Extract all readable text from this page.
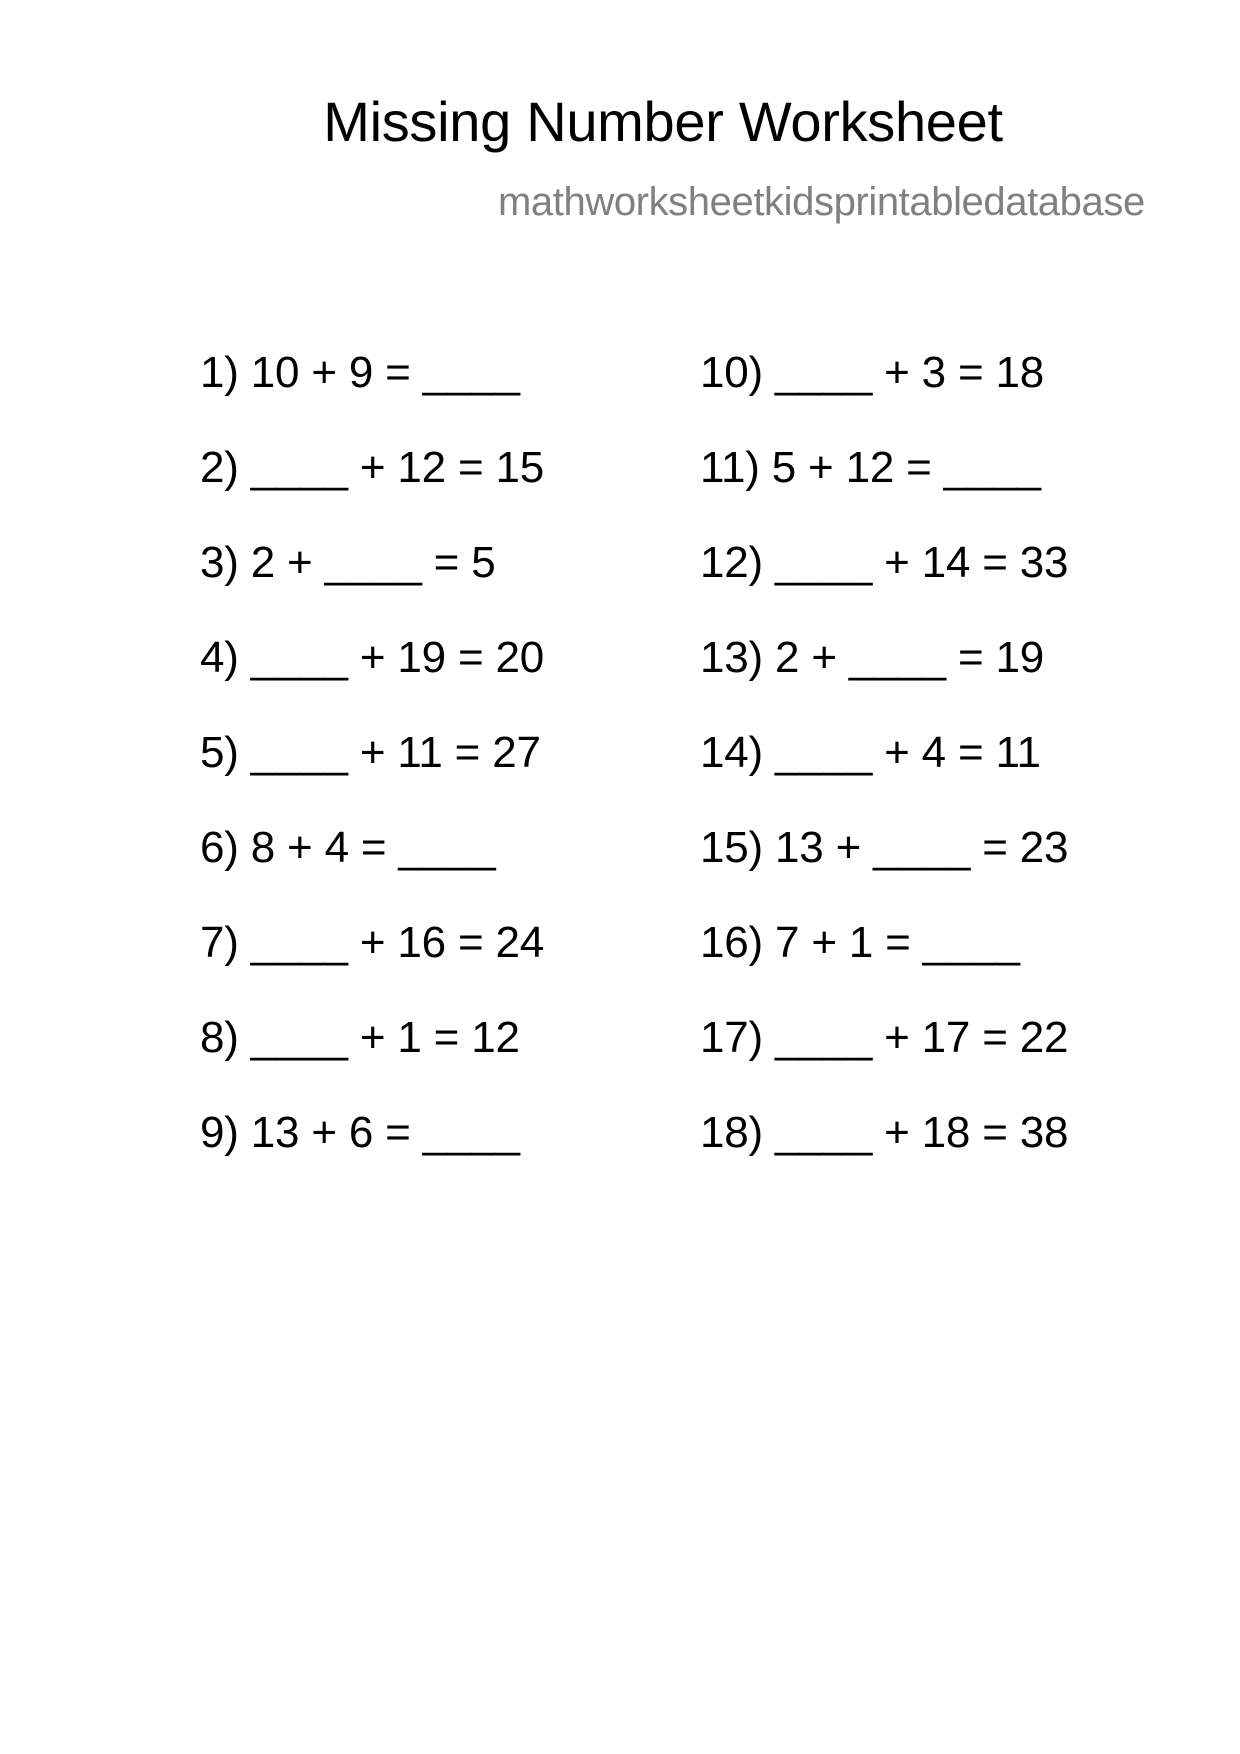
Missing Number Worksheet
mathworksheetkidsprintabledatabase
1) 10 + 9 = ____
2) ____ + 12 = 15
3) 2 + ____ = 5
4) ____ + 19 = 20
5) ____ + 11 = 27
6) 8 + 4 = ____
7) ____ + 16 = 24
8) ____ + 1 = 12
9) 13 + 6 = ____
10) ____ + 3 = 18
11) 5 + 12 = ____
12) ____ + 14 = 33
13) 2 + ____ = 19
14) ____ + 4 = 11
15) 13 + ____ = 23
16) 7 + 1 = ____
17) ____ + 17 = 22
18) ____ + 18 = 38
